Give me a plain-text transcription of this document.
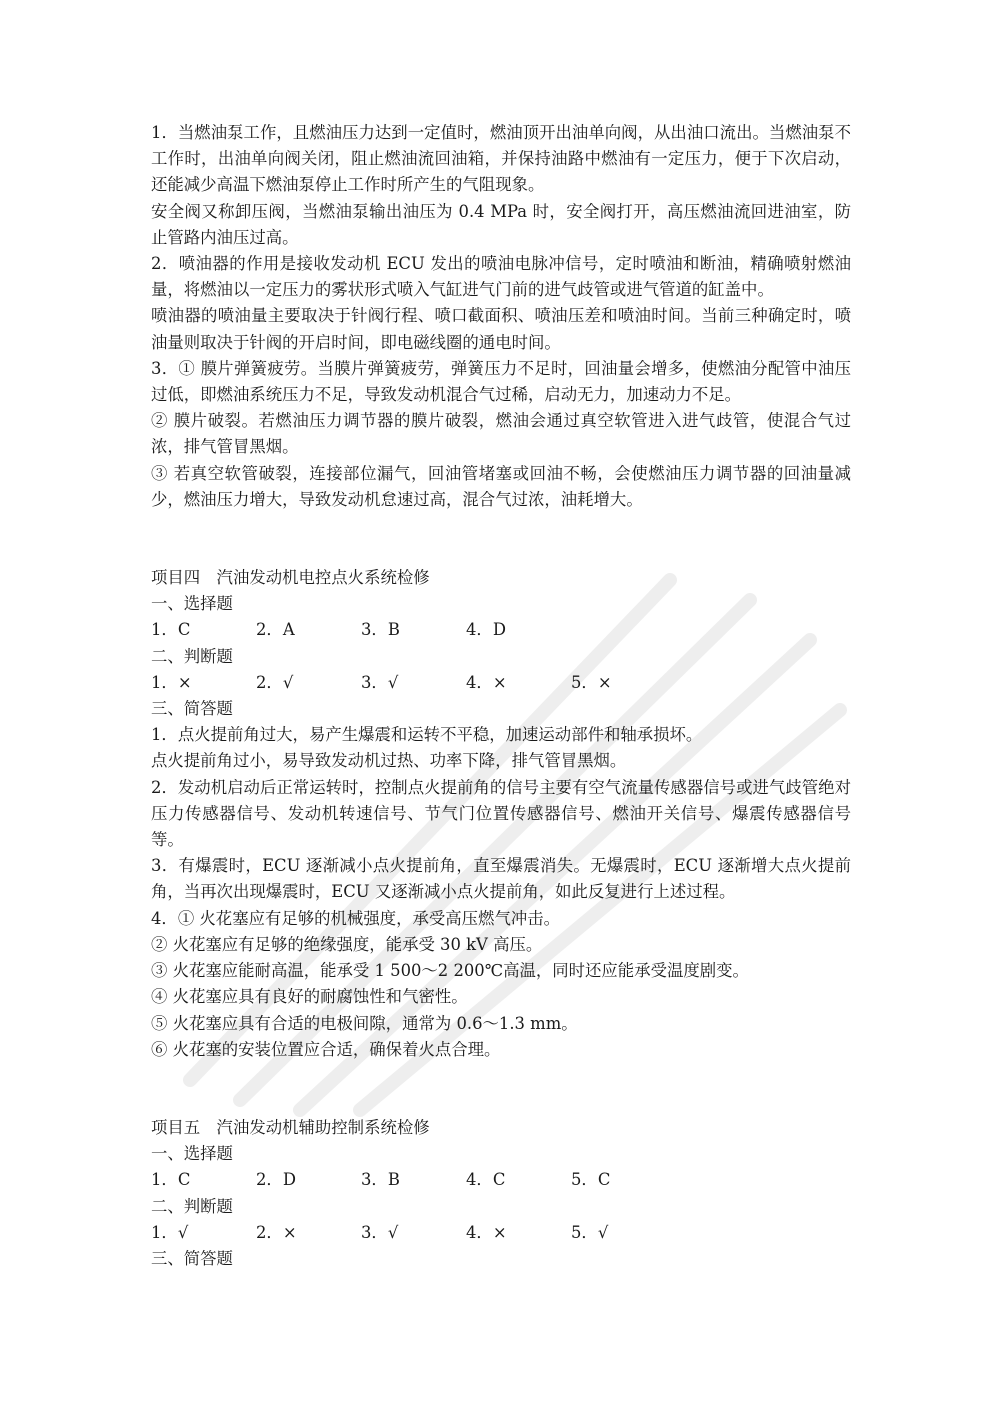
1．当燃油泵工作，且燃油压力达到一定值时，燃油顶开出油单向阀，从出油口流出。当燃油泵不工作时，出油单向阀关闭，阻止燃油流回油箱，并保持油路中燃油有一定压力，便于下次启动，还能减少高温下燃油泵停止工作时所产生的气阻现象。

安全阀又称卸压阀，当燃油泵输出油压为 0.4 MPa 时，安全阀打开，高压燃油流回进油室，防止管路内油压过高。

2．喷油器的作用是接收发动机 ECU 发出的喷油电脉冲信号，定时喷油和断油，精确喷射燃油量，将燃油以一定压力的雾状形式喷入气缸进气门前的进气歧管或进气管道的缸盖中。

喷油器的喷油量主要取决于针阀行程、喷口截面积、喷油压差和喷油时间。当前三种确定时，喷油量则取决于针阀的开启时间，即电磁线圈的通电时间。

3．① 膜片弹簧疲劳。当膜片弹簧疲劳，弹簧压力不足时，回油量会增多，使燃油分配管中油压过低，即燃油系统压力不足，导致发动机混合气过稀，启动无力，加速动力不足。

② 膜片破裂。若燃油压力调节器的膜片破裂，燃油会通过真空软管进入进气歧管，使混合气过浓，排气管冒黑烟。

③ 若真空软管破裂，连接部位漏气，回油管堵塞或回油不畅，会使燃油压力调节器的回油量减少，燃油压力增大，导致发动机怠速过高，混合气过浓，油耗增大。

项目四　汽油发动机电控点火系统检修

一、选择题

1．C	2．A	3．B	4．D

二、判断题

1．×	2．√	3．√	4．×	5．×

三、简答题

1．点火提前角过大，易产生爆震和运转不平稳，加速运动部件和轴承损坏。

点火提前角过小，易导致发动机过热、功率下降，排气管冒黑烟。

2．发动机启动后正常运转时，控制点火提前角的信号主要有空气流量传感器信号或进气歧管绝对压力传感器信号、发动机转速信号、节气门位置传感器信号、燃油开关信号、爆震传感器信号等。

3．有爆震时，ECU 逐渐减小点火提前角，直至爆震消失。无爆震时，ECU 逐渐增大点火提前角，当再次出现爆震时，ECU 又逐渐减小点火提前角，如此反复进行上述过程。

4．① 火花塞应有足够的机械强度，承受高压燃气冲击。

② 火花塞应有足够的绝缘强度，能承受 30 kV 高压。

③ 火花塞应能耐高温，能承受 1 500～2 200℃高温，同时还应能承受温度剧变。

④ 火花塞应具有良好的耐腐蚀性和气密性。

⑤ 火花塞应具有合适的电极间隙，通常为 0.6～1.3 mm。

⑥ 火花塞的安装位置应合适，确保着火点合理。

项目五　汽油发动机辅助控制系统检修

一、选择题

1．C	2．D	3．B	4．C	5．C

二、判断题

1．√	2．×	3．√	4．×	5．√

三、简答题
